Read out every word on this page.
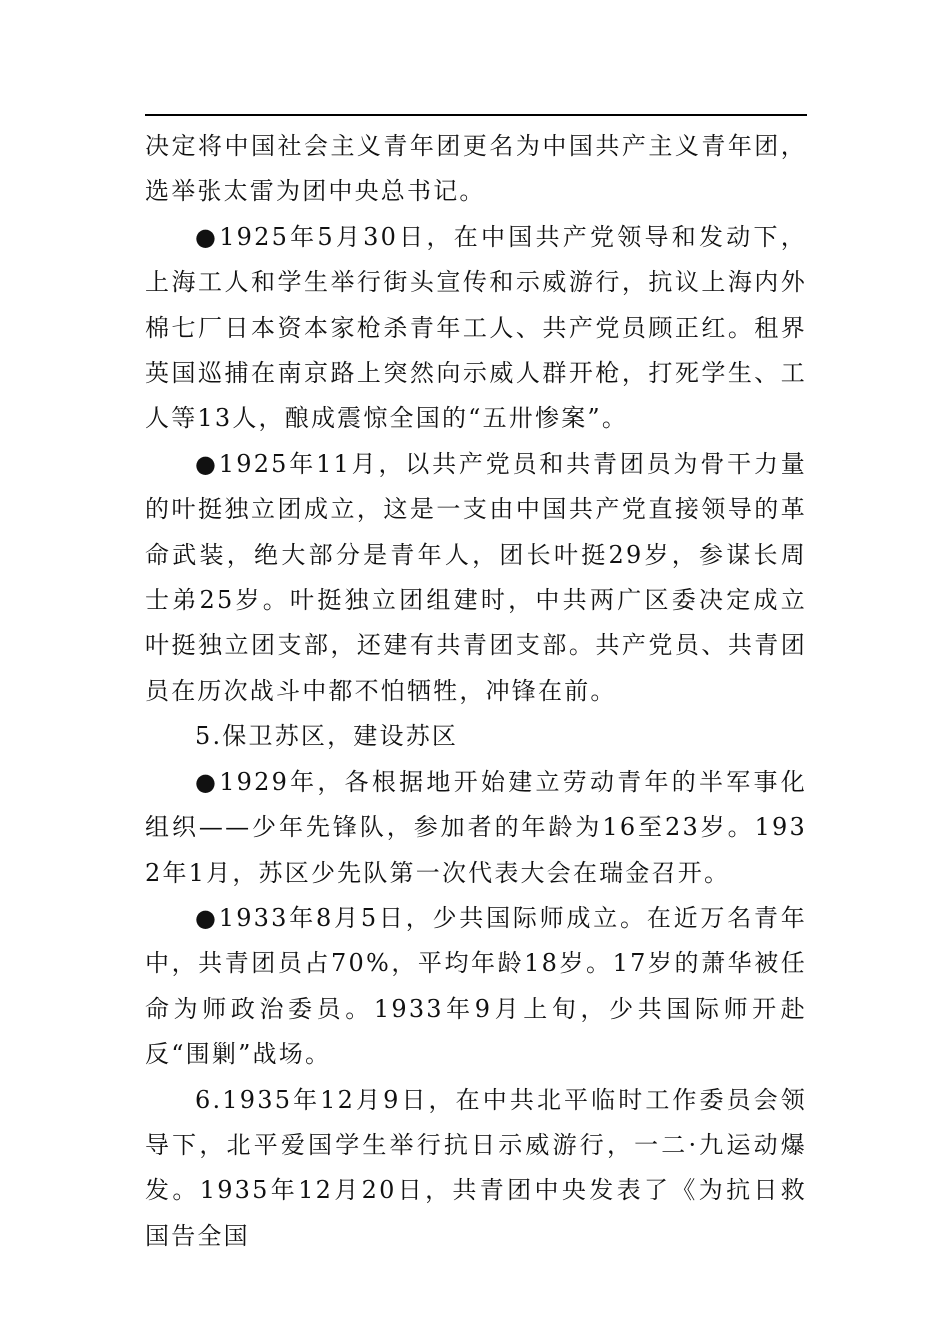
决定将中国社会主义青年团更名为中国共产主义青年团，选举张太雷为团中央总书记。

●1925年5月30日，在中国共产党领导和发动下，上海工人和学生举行街头宣传和示威游行，抗议上海内外棉七厂日本资本家枪杀青年工人、共产党员顾正红。租界英国巡捕在南京路上突然向示威人群开枪，打死学生、工人等13人，酿成震惊全国的“五卅惨案”。

●1925年11月，以共产党员和共青团员为骨干力量的叶挺独立团成立，这是一支由中国共产党直接领导的革命武装，绝大部分是青年人，团长叶挺29岁，参谋长周士弟25岁。叶挺独立团组建时，中共两广区委决定成立叶挺独立团支部，还建有共青团支部。共产党员、共青团员在历次战斗中都不怕牺牲，冲锋在前。

5.保卫苏区，建设苏区

●1929年，各根据地开始建立劳动青年的半军事化组织——少年先锋队，参加者的年龄为16至23岁。1932年1月，苏区少先队第一次代表大会在瑞金召开。

●1933年8月5日，少共国际师成立。在近万名青年中，共青团员占70%，平均年龄18岁。17岁的萧华被任命为师政治委员。1933年9月上旬，少共国际师开赴反“围剿”战场。

6.1935年12月9日，在中共北平临时工作委员会领导下，北平爱国学生举行抗日示威游行，一二·九运动爆发。1935年12月20日，共青团中央发表了《为抗日救国告全国
